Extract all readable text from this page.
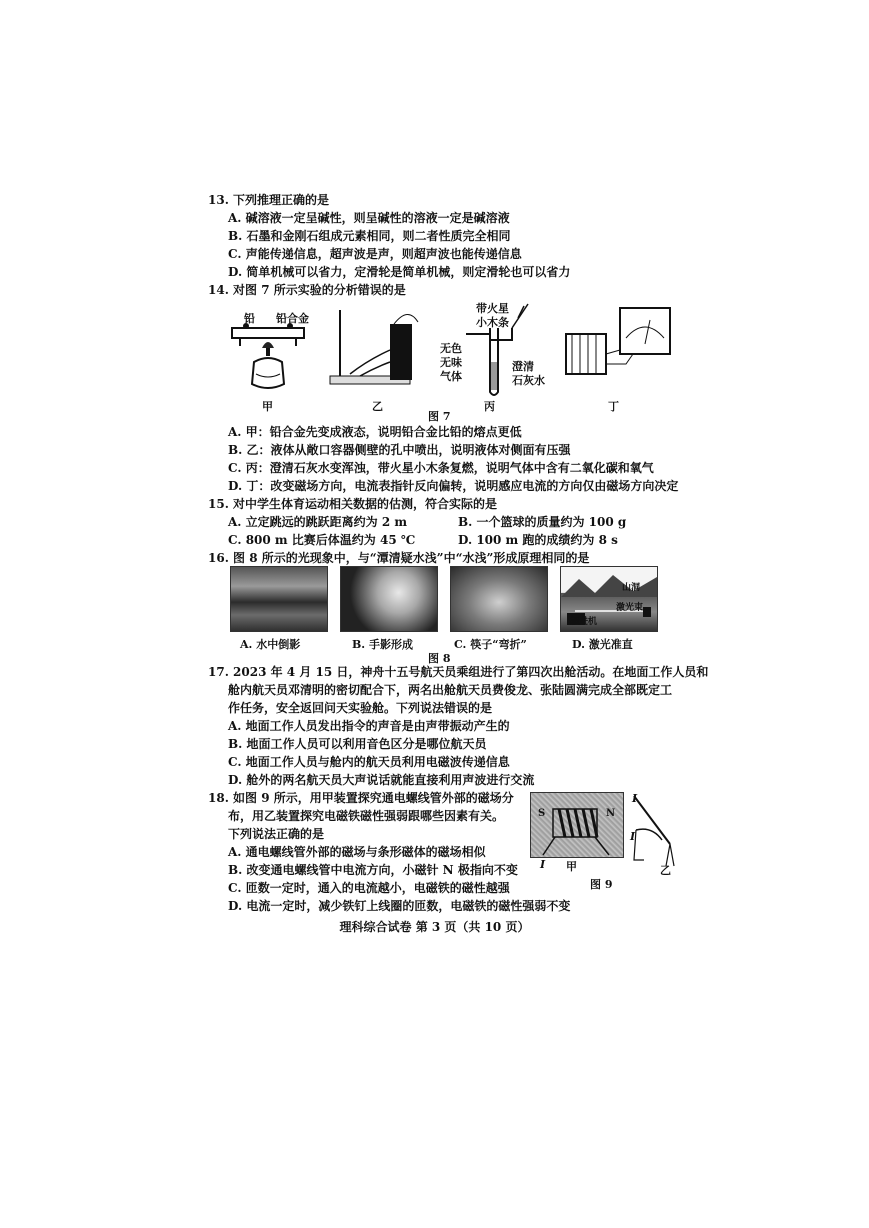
13. 下列推理正确的是
A. 碱溶液一定呈碱性，则呈碱性的溶液一定是碱溶液
B. 石墨和金刚石组成元素相同，则二者性质完全相同
C. 声能传递信息，超声波是声，则超声波也能传递信息
D. 简单机械可以省力，定滑轮是简单机械，则定滑轮也可以省力
14. 对图 7 所示实验的分析错误的是
铅 铅合金
带火星
小木条
无色
无味
气体
澄清
石灰水
甲	乙	丙	丁
图 7
A. 甲：铅合金先变成液态，说明铅合金比铅的熔点更低
B. 乙：液体从敞口容器侧壁的孔中喷出，说明液体对侧面有压强
C. 丙：澄清石灰水变浑浊，带火星小木条复燃，说明气体中含有二氧化碳和氧气
D. 丁：改变磁场方向，电流表指针反向偏转，说明感应电流的方向仅由磁场方向决定
15. 对中学生体育运动相关数据的估测，符合实际的是
A. 立定跳远的跳跃距离约为 2 m	B. 一个篮球的质量约为 100 g
C. 800 m 比赛后体温约为 45 ℃	D. 100 m 跑的成绩约为 8 s
16. 图 8 所示的光现象中，与“潭清疑水浅”中“水浅”形成原理相同的是
山洞
激光束
掘进机
A. 水中倒影	B. 手影形成	C. 筷子“弯折”	D. 激光准直
图 8
17. 2023 年 4 月 15 日，神舟十五号航天员乘组进行了第四次出舱活动。在地面工作人员和
舱内航天员邓清明的密切配合下，两名出舱航天员费俊龙、张陆圆满完成全部既定工
作任务，安全返回问天实验舱。下列说法错误的是
A. 地面工作人员发出指令的声音是由声带振动产生的
B. 地面工作人员可以利用音色区分是哪位航天员
C. 地面工作人员与舱内的航天员利用电磁波传递信息
D. 舱外的两名航天员大声说话就能直接利用声波进行交流
18. 如图 9 所示，用甲装置探究通电螺线管外部的磁场分
布，用乙装置探究电磁铁磁性强弱跟哪些因素有关。
下列说法正确的是
A. 通电螺线管外部的磁场与条形磁体的磁场相似
B. 改变通电螺线管中电流方向，小磁针 N 极指向不变
C. 匝数一定时，通入的电流越小，电磁铁的磁性越强
D. 电流一定时，减少铁钉上线圈的匝数，电磁铁的磁性强弱不变
S	N
I
I
I
甲	乙
图 9
理科综合试卷 第 3 页（共 10 页）
